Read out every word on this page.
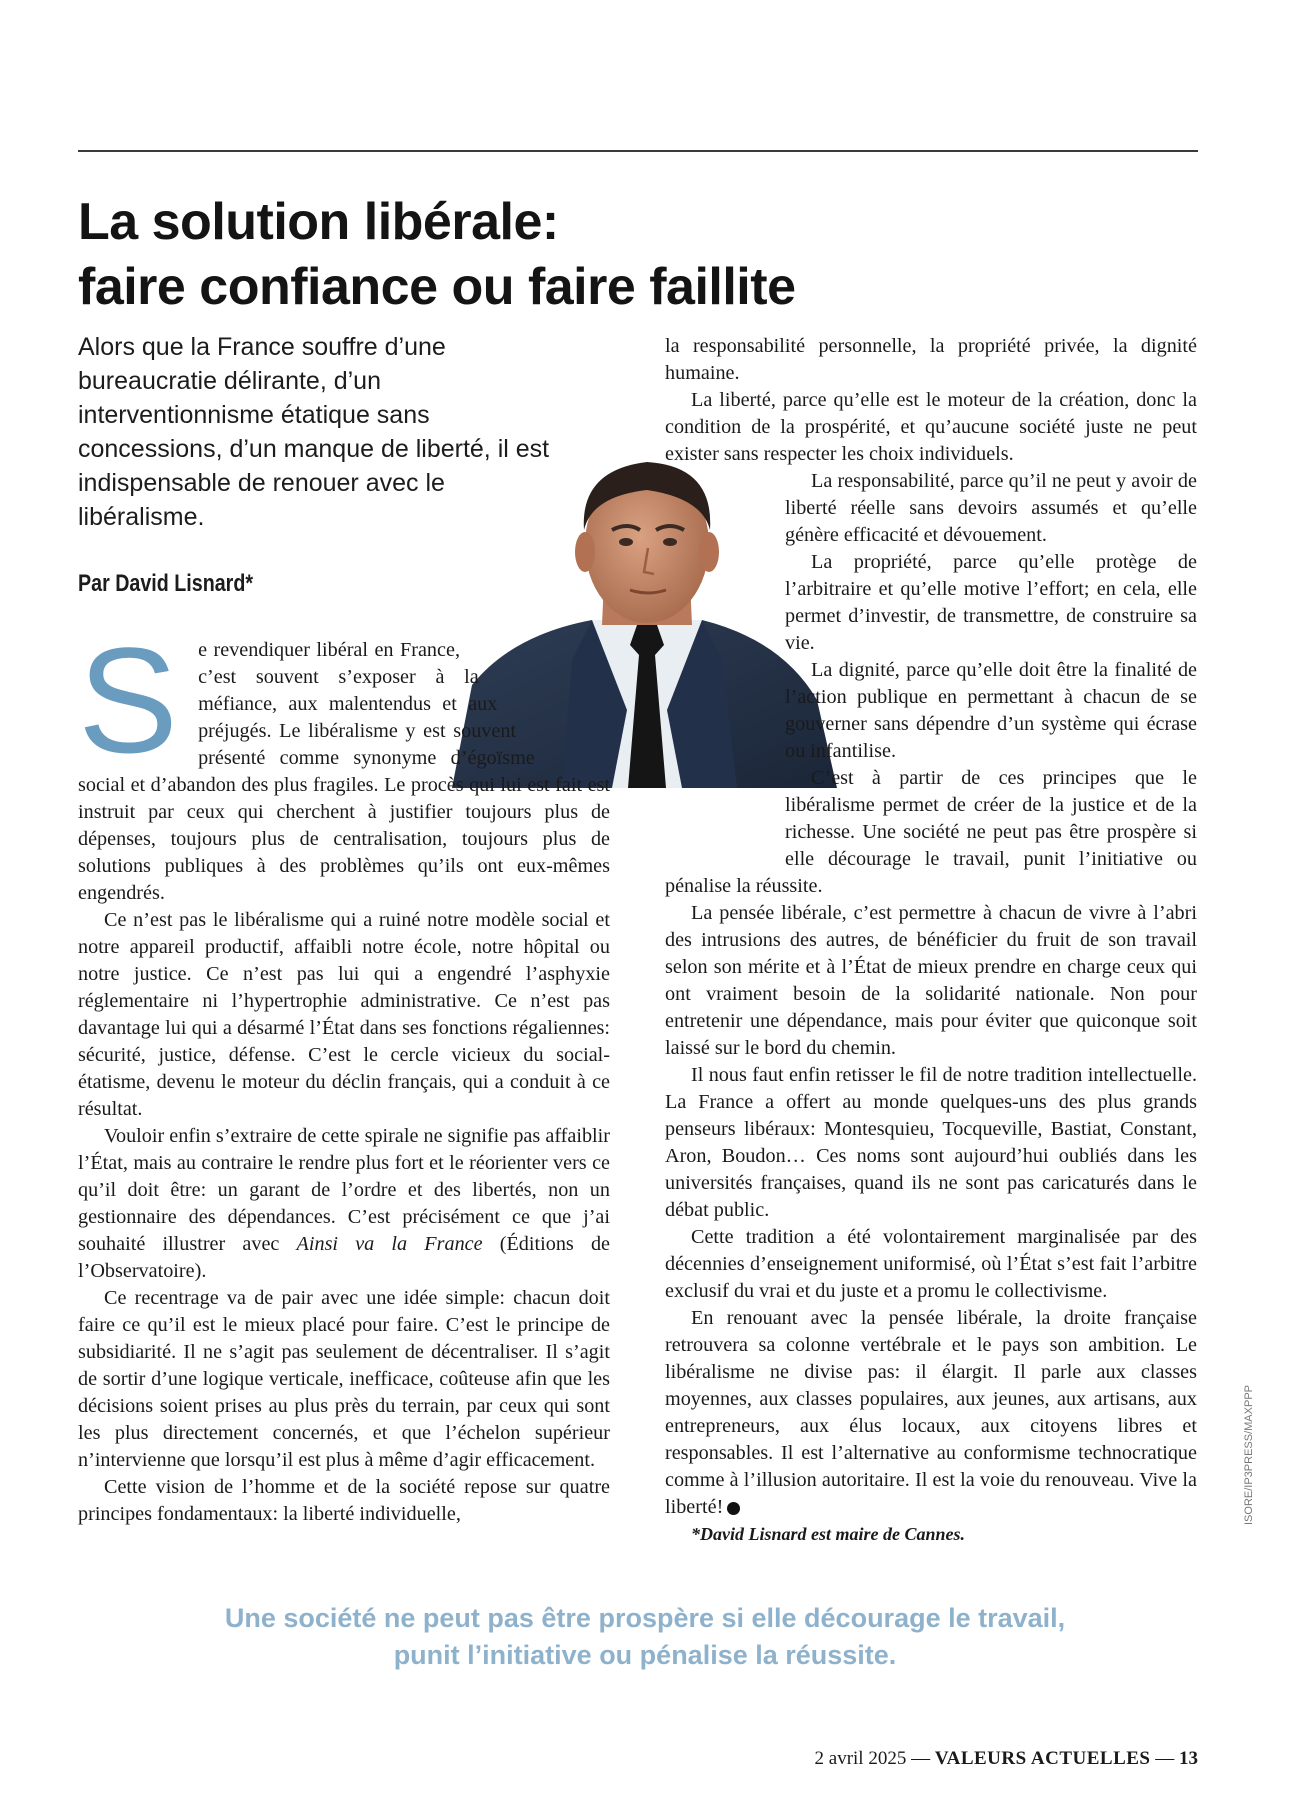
La solution libérale:
faire confiance ou faire faillite

Alors que la France souffre d’une bureaucratie délirante, d’un interventionnisme étatique sans concessions, d’un manque de liberté, il est indispensable de renouer avec le libéralisme.

Par David Lisnard*

S e revendiquer libéral en France, c’est souvent s’exposer à la méfiance, aux malentendus et aux préjugés. Le libéralisme y est souvent présenté comme synonyme d’égoïsme social et d’abandon des plus fragiles. Le procès qui lui est fait est instruit par ceux qui cherchent à justifier toujours plus de dépenses, toujours plus de centralisation, toujours plus de solutions publiques à des problèmes qu’ils ont eux-mêmes engendrés.

Ce n’est pas le libéralisme qui a ruiné notre modèle social et notre appareil productif, affaibli notre école, notre hôpital ou notre justice. Ce n’est pas lui qui a engendré l’asphyxie réglementaire ni l’hypertrophie administrative. Ce n’est pas davantage lui qui a désarmé l’État dans ses fonctions régaliennes: sécurité, justice, défense. C’est le cercle vicieux du social-étatisme, devenu le moteur du déclin français, qui a conduit à ce résultat.

Vouloir enfin s’extraire de cette spirale ne signifie pas affaiblir l’État, mais au contraire le rendre plus fort et le réorienter vers ce qu’il doit être: un garant de l’ordre et des libertés, non un gestionnaire des dépendances. C’est précisément ce que j’ai souhaité illustrer avec Ainsi va la France (Éditions de l’Observatoire).

Ce recentrage va de pair avec une idée simple: chacun doit faire ce qu’il est le mieux placé pour faire. C’est le principe de subsidiarité. Il ne s’agit pas seulement de décentraliser. Il s’agit de sortir d’une logique verticale, inefficace, coûteuse afin que les décisions soient prises au plus près du terrain, par ceux qui sont les plus directement concernés, et que l’échelon supérieur n’intervienne que lorsqu’il est plus à même d’agir efficacement.

Cette vision de l’homme et de la société repose sur quatre principes fondamentaux: la liberté individuelle,

la responsabilité personnelle, la propriété privée, la dignité humaine.

La liberté, parce qu’elle est le moteur de la création, donc la condition de la prospérité, et qu’aucune société juste ne peut exister sans respecter les choix individuels.

La responsabilité, parce qu’il ne peut y avoir de liberté réelle sans devoirs assumés et qu’elle génère efficacité et dévouement.

La propriété, parce qu’elle protège de l’arbitraire et qu’elle motive l’effort; en cela, elle permet d’investir, de transmettre, de construire sa vie.

La dignité, parce qu’elle doit être la finalité de l’action publique en permettant à chacun de se gouverner sans dépendre d’un système qui écrase ou infantilise.

C’est à partir de ces principes que le libéralisme permet de créer de la justice et de la richesse. Une société ne peut pas être prospère si elle décourage le travail, punit l’initiative ou pénalise la réussite.

La pensée libérale, c’est permettre à chacun de vivre à l’abri des intrusions des autres, de bénéficier du fruit de son travail selon son mérite et à l’État de mieux prendre en charge ceux qui ont vraiment besoin de la solidarité nationale. Non pour entretenir une dépendance, mais pour éviter que quiconque soit laissé sur le bord du chemin.

Il nous faut enfin retisser le fil de notre tradition intellectuelle. La France a offert au monde quelques-uns des plus grands penseurs libéraux: Montesquieu, Tocqueville, Bastiat, Constant, Aron, Boudon… Ces noms sont aujourd’hui oubliés dans les universités françaises, quand ils ne sont pas caricaturés dans le débat public.

Cette tradition a été volontairement marginalisée par des décennies d’enseignement uniformisé, où l’État s’est fait l’arbitre exclusif du vrai et du juste et a promu le collectivisme.

En renouant avec la pensée libérale, la droite française retrouvera sa colonne vertébrale et le pays son ambition. Le libéralisme ne divise pas: il élargit. Il parle aux classes moyennes, aux classes populaires, aux jeunes, aux artisans, aux entrepreneurs, aux élus locaux, aux citoyens libres et responsables. Il est l’alternative au conformisme technocratique comme à l’illusion autoritaire. Il est la voie du renouveau. Vive la liberté!

*David Lisnard est maire de Cannes.

Une société ne peut pas être prospère si elle décourage le travail,
punit l’initiative ou pénalise la réussite.

ISORE/IP3PRESS/MAXPPP
2 avril 2025 — VALEURS ACTUELLES — 13
